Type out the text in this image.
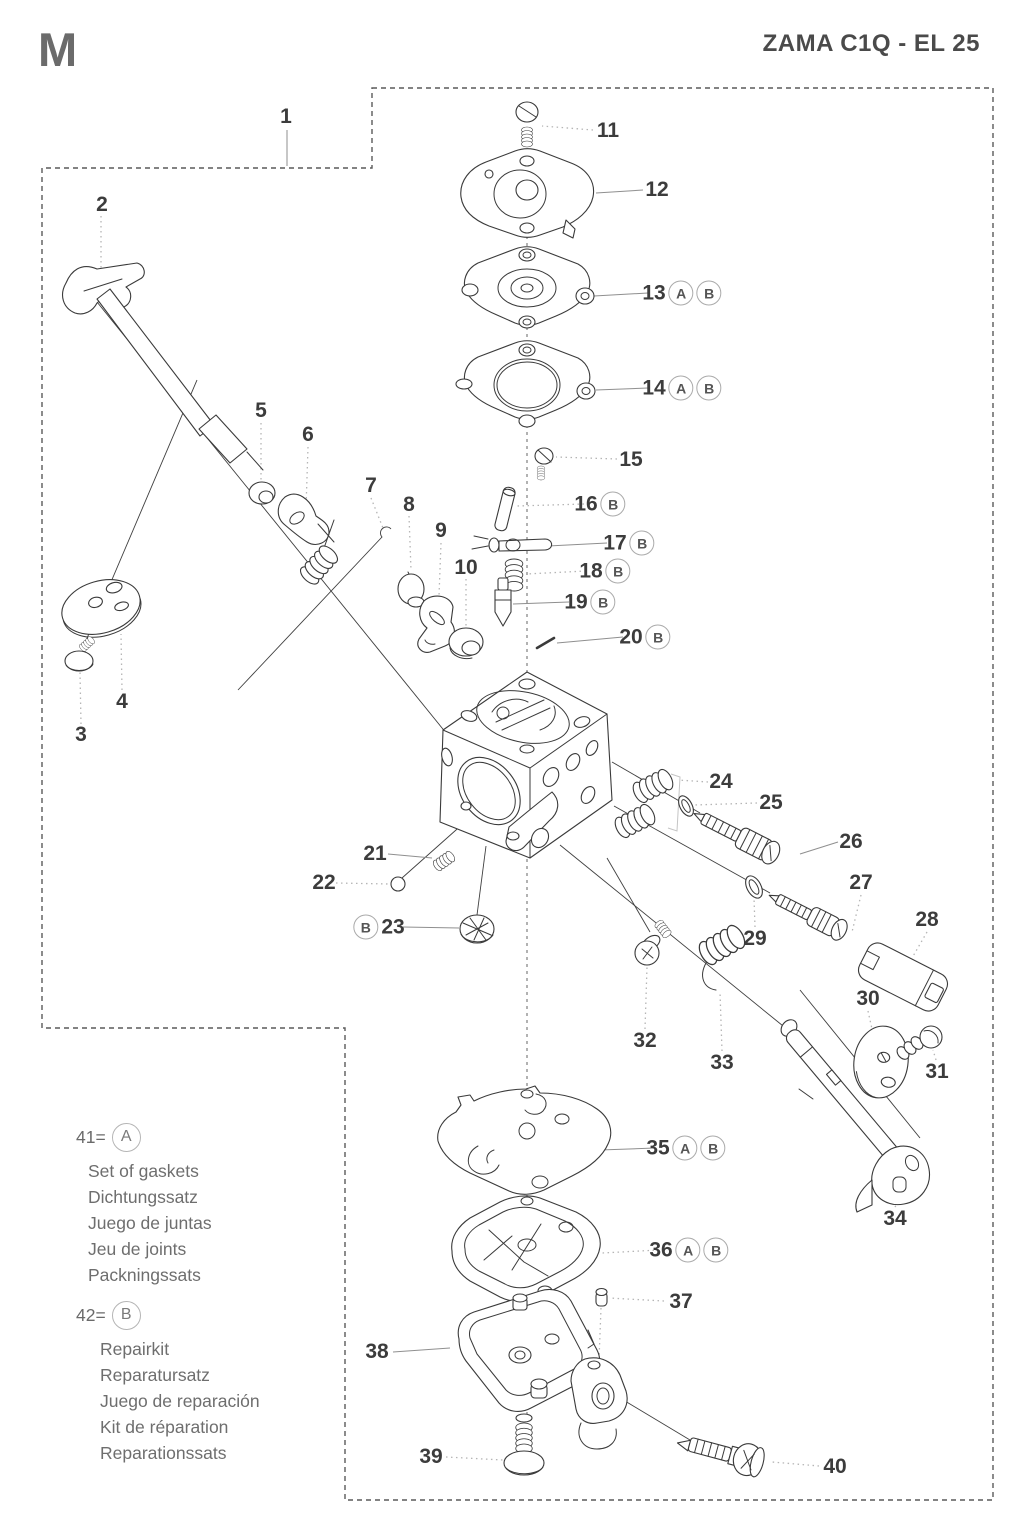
M	ZAMA C1Q - EL 25
1
2
3
4
5
6
7
8
9
10
11
12
13 A	B
14 A	B
15
16 B
17 B
18 B
19 B
20 B
21
22
B 23
24
25
26
27
28
29
30
31
32
33
34
35 A	B
36 A	B
37
38
39	40
41= A
Set of gaskets
Dichtungssatz
Juego de juntas
Jeu de joints
Packningssats
42= B
Repairkit
Reparatursatz
Juego de reparación
Kit de réparation
Reparationssats
